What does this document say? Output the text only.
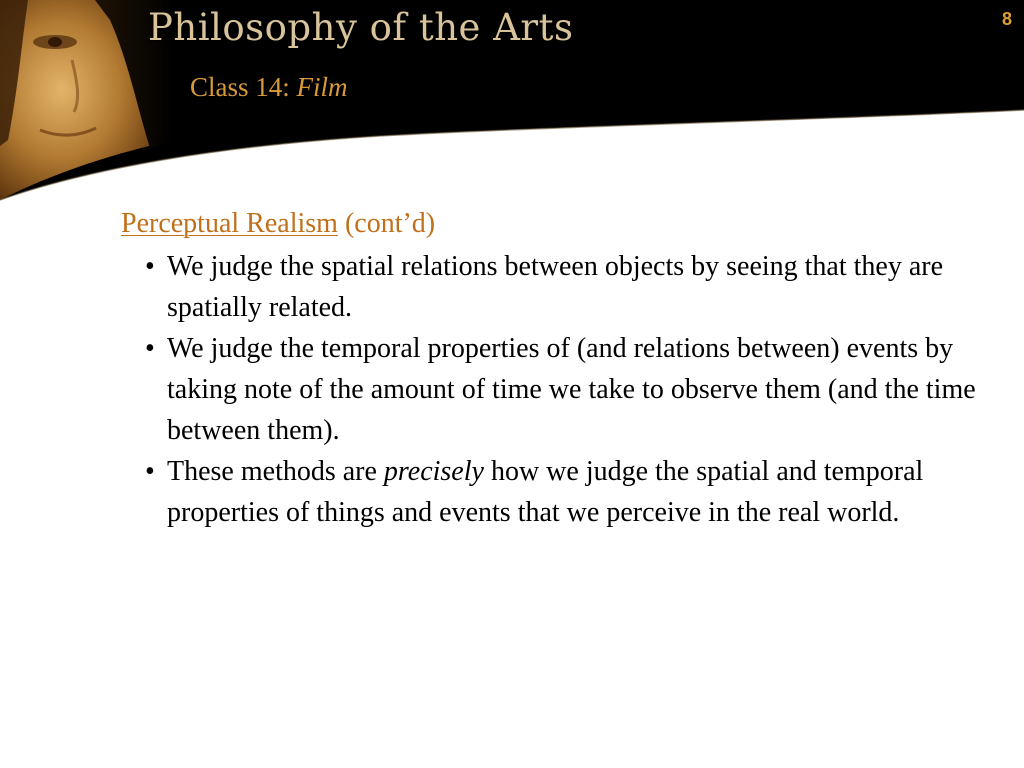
Philosophy of the Arts
Class 14: Film
8

Perceptual Realism (cont’d)

• We judge the spatial relations between objects by seeing that they are spatially related.
• We judge the temporal properties of (and relations between) events by taking note of the amount of time we take to observe them (and the time between them).
• These methods are precisely how we judge the spatial and temporal properties of things and events that we perceive in the real world.
